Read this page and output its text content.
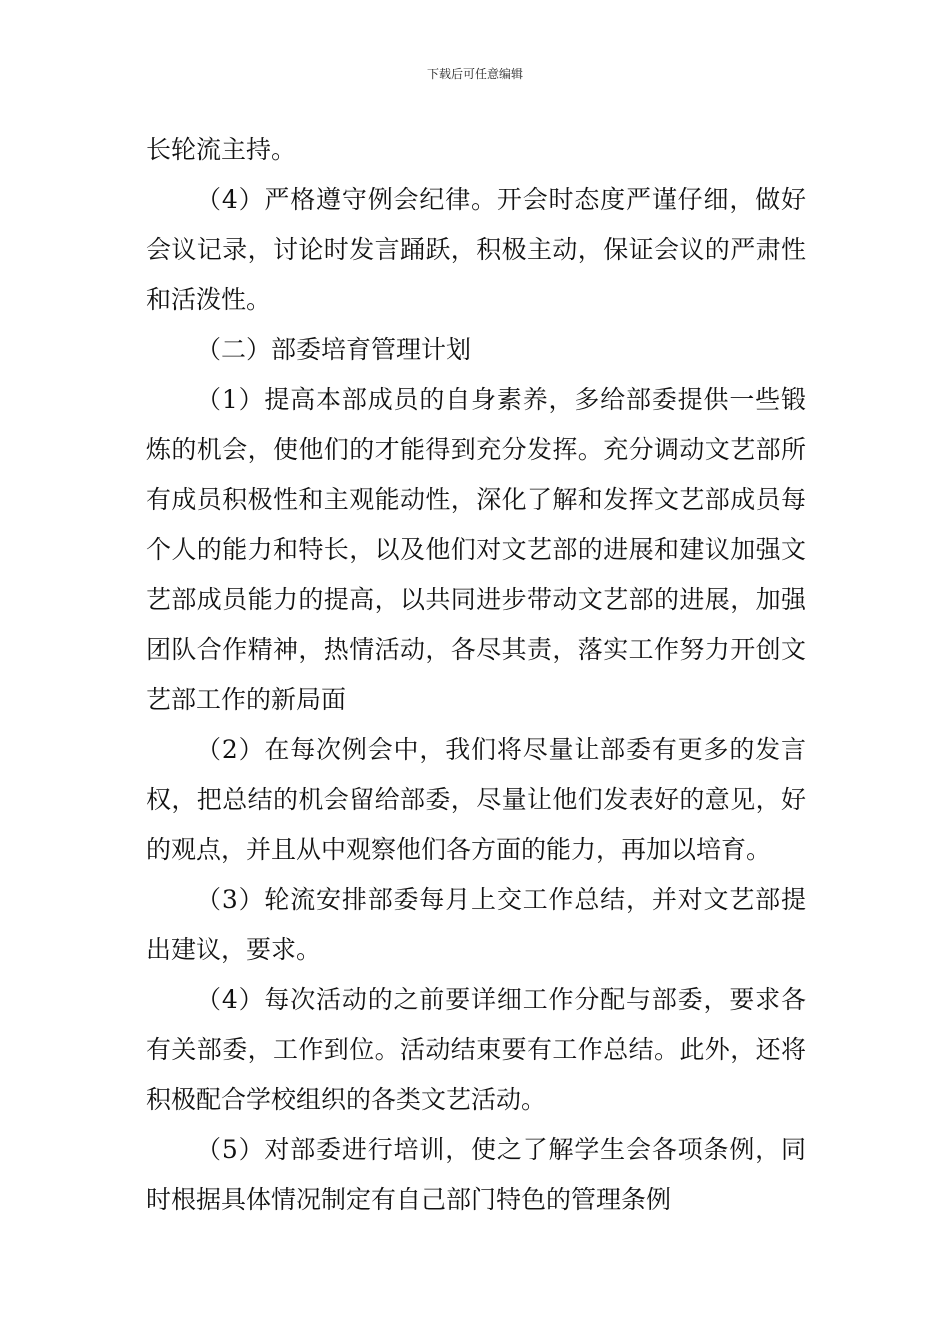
下载后可任意编辑

长轮流主持。

（4）严格遵守例会纪律。开会时态度严谨仔细，做好会议记录，讨论时发言踊跃，积极主动，保证会议的严肃性和活泼性。

（二）部委培育管理计划

（1）提高本部成员的自身素养，多给部委提供一些锻炼的机会，使他们的才能得到充分发挥。充分调动文艺部所有成员积极性和主观能动性，深化了解和发挥文艺部成员每个人的能力和特长，以及他们对文艺部的进展和建议加强文艺部成员能力的提高，以共同进步带动文艺部的进展，加强团队合作精神，热情活动，各尽其责，落实工作努力开创文艺部工作的新局面

（2）在每次例会中，我们将尽量让部委有更多的发言权，把总结的机会留给部委，尽量让他们发表好的意见，好的观点，并且从中观察他们各方面的能力，再加以培育。

（3）轮流安排部委每月上交工作总结，并对文艺部提出建议，要求。

（4）每次活动的之前要详细工作分配与部委，要求各有关部委，工作到位。活动结束要有工作总结。此外，还将积极配合学校组织的各类文艺活动。

（5）对部委进行培训，使之了解学生会各项条例，同时根据具体情况制定有自己部门特色的管理条例
